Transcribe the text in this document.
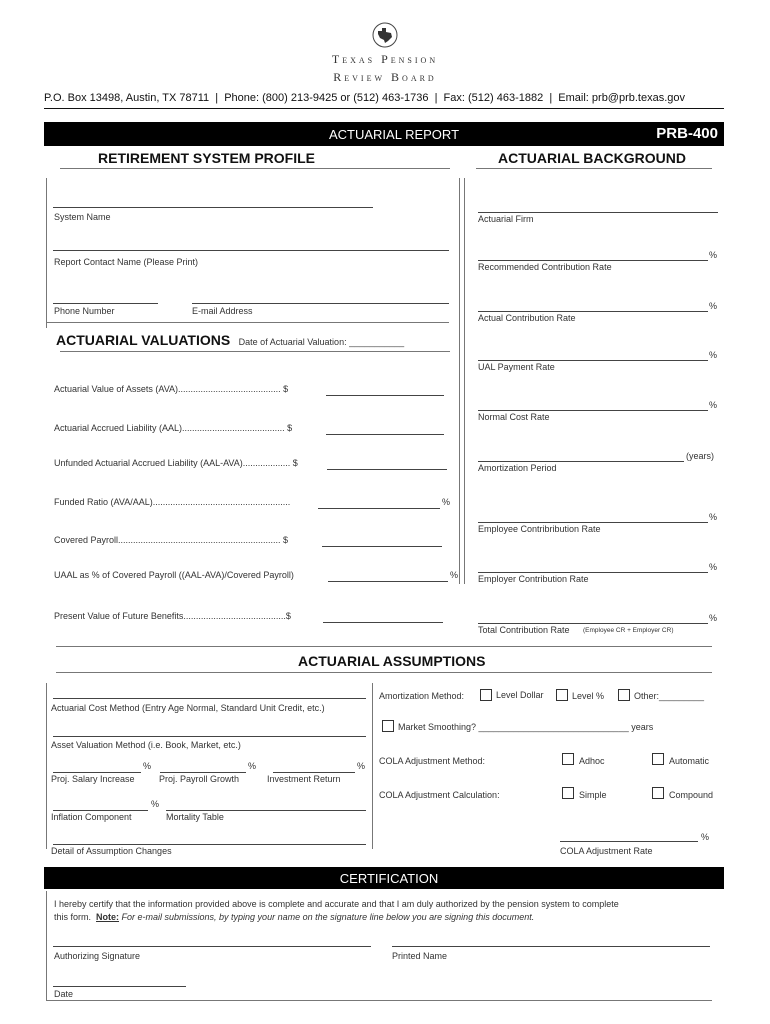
Texas Pension
Review Board
P.O. Box 13498, Austin, TX 78711  |  Phone: (800) 213-9425 or (512) 463-1736  |  Fax: (512) 463-1882  |  Email: prb@prb.texas.gov
ACTUARIAL REPORT	PRB-400
RETIREMENT SYSTEM PROFILE	ACTUARIAL BACKGROUND
System Name
Report Contact Name (Please Print)
Phone Number	E-mail Address
ACTUARIAL VALUATIONS Date of Actuarial Valuation: ___________
Actuarial Value of Assets (AVA)......................................... $
Actuarial Accrued Liability (AAL)......................................... $
Unfunded Actuarial Accrued Liability (AAL-AVA)................... $
Funded Ratio (AVA/AAL).......................................................	%
Covered Payroll................................................................. $
UAAL as % of Covered Payroll ((AAL-AVA)/Covered Payroll)	%
Present Value of Future Benefits.........................................$
Actuarial Firm
%
Recommended Contribution Rate
%
Actual Contribution Rate
%
UAL Payment Rate
%
Normal Cost Rate
(years)
Amortization Period
%
Employee Contribribution Rate
%
Employer Contribution Rate
%
Total Contribution Rate (Employee CR + Employer CR)
ACTUARIAL ASSUMPTIONS
Actuarial Cost Method (Entry Age Normal, Standard Unit Credit, etc.)
Asset Valuation Method (i.e. Book, Market, etc.)
%	%	%
Proj. Salary Increase	Proj. Payroll Growth	Investment Return
%
Inflation Component	Mortality Table
Detail of Assumption Changes
Amortization Method:	Level Dollar	Level %	Other:_________
Market Smoothing? ______________________________ years
COLA Adjustment Method:	Adhoc	Automatic
COLA Adjustment Calculation:	Simple	Compound
%
COLA Adjustment Rate
CERTIFICATION
I hereby certify that the information provided above is complete and accurate and that I am duly authorized by the pension system to complete
this form.  Note: For e-mail submissions, by typing your name on the signature line below you are signing this document.
Authorizing Signature	Printed Name
Date
